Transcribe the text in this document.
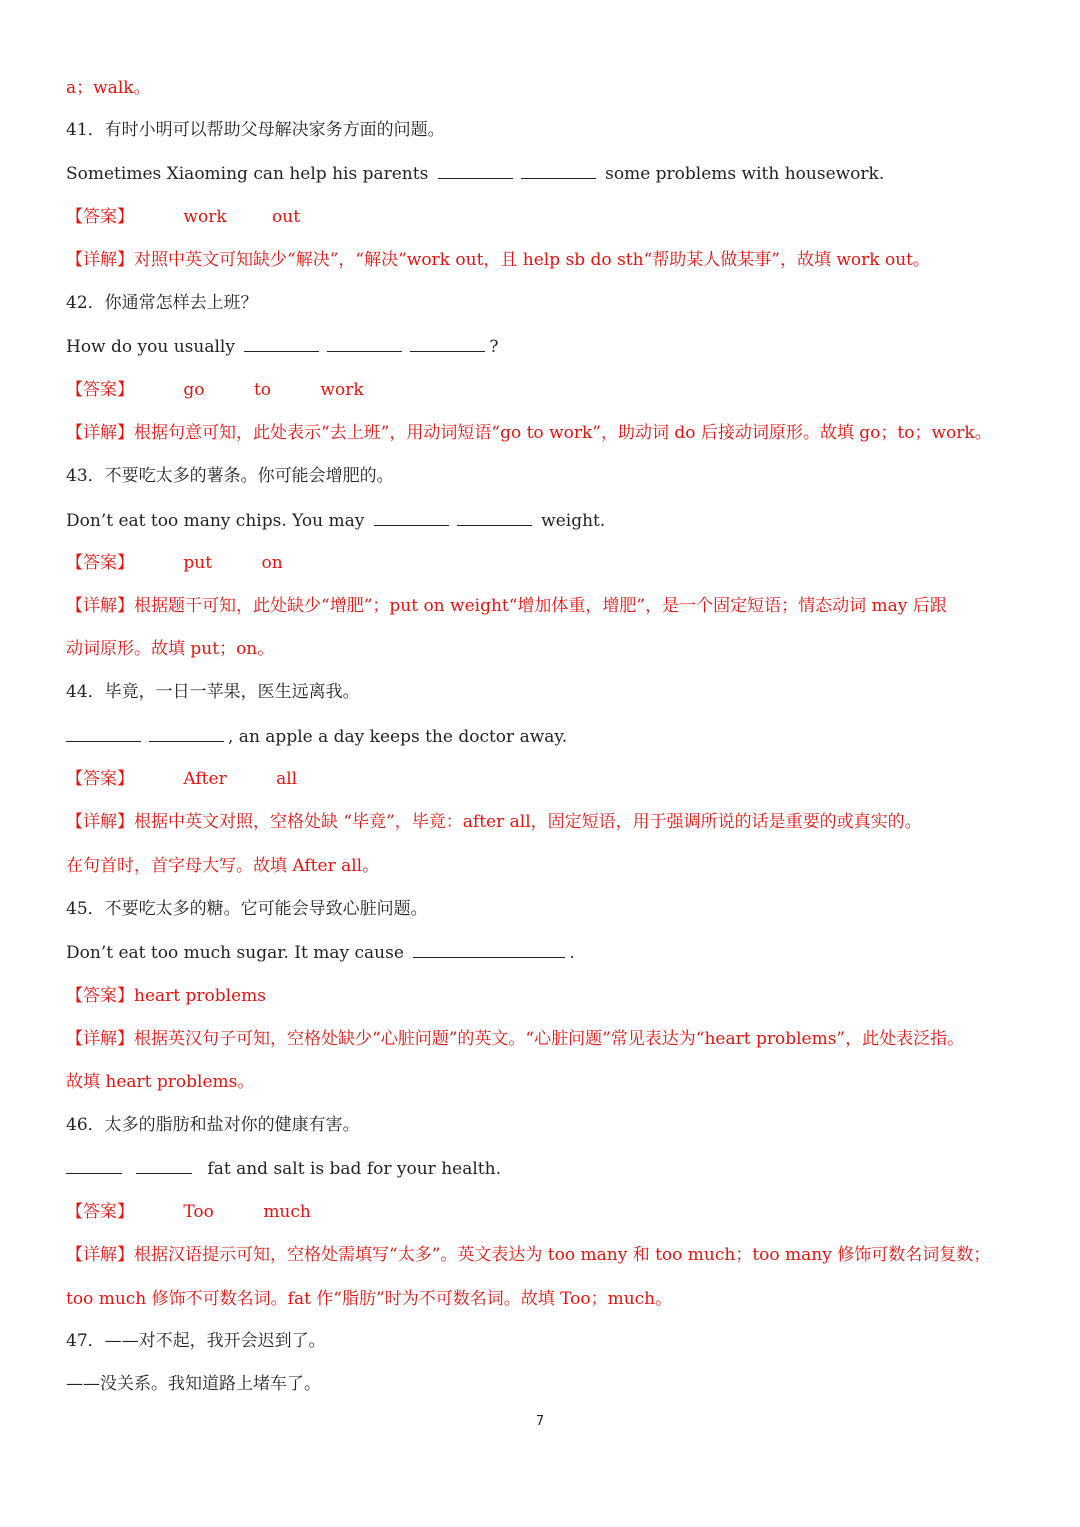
a；walk。
41．有时小明可以帮助父母解决家务方面的问题。
Sometimes Xiaoming can help his parents	some problems with housework.
【答案】	work	out
【详解】对照中英文可知缺少“解决”，“解决”work out，且 help sb do sth“帮助某人做某事”，故填 work out。
42．你通常怎样去上班？
How do you usually	?
【答案】	go	to	work
【详解】根据句意可知，此处表示“去上班”，用动词短语“go to work”，助动词 do 后接动词原形。故填 go；to；work。
43．不要吃太多的薯条。你可能会增肥的。
Don’t eat too many chips. You may	weight.
【答案】	put	on
【详解】根据题干可知，此处缺少“增肥”；put on weight“增加体重，增肥”，是一个固定短语；情态动词 may 后跟
动词原形。故填 put；on。
44．毕竟，一日一苹果，医生远离我。
, an apple a day keeps the doctor away.
【答案】	After	all
【详解】根据中英文对照，空格处缺 “毕竟”，毕竟：after all，固定短语，用于强调所说的话是重要的或真实的。
在句首时，首字母大写。故填 After all。
45．不要吃太多的糖。它可能会导致心脏问题。
Don’t eat too much sugar. It may cause	.
【答案】heart problems
【详解】根据英汉句子可知，空格处缺少“心脏问题”的英文。“心脏问题”常见表达为“heart problems”，此处表泛指。
故填 heart problems。
46．太多的脂肪和盐对你的健康有害。
fat and salt is bad for your health.
【答案】	Too	much
【详解】根据汉语提示可知，空格处需填写“太多”。英文表达为 too many 和 too much；too many 修饰可数名词复数；
too much 修饰不可数名词。fat 作“脂肪”时为不可数名词。故填 Too；much。
47．——对不起，我开会迟到了。
——没关系。我知道路上堵车了。
7
